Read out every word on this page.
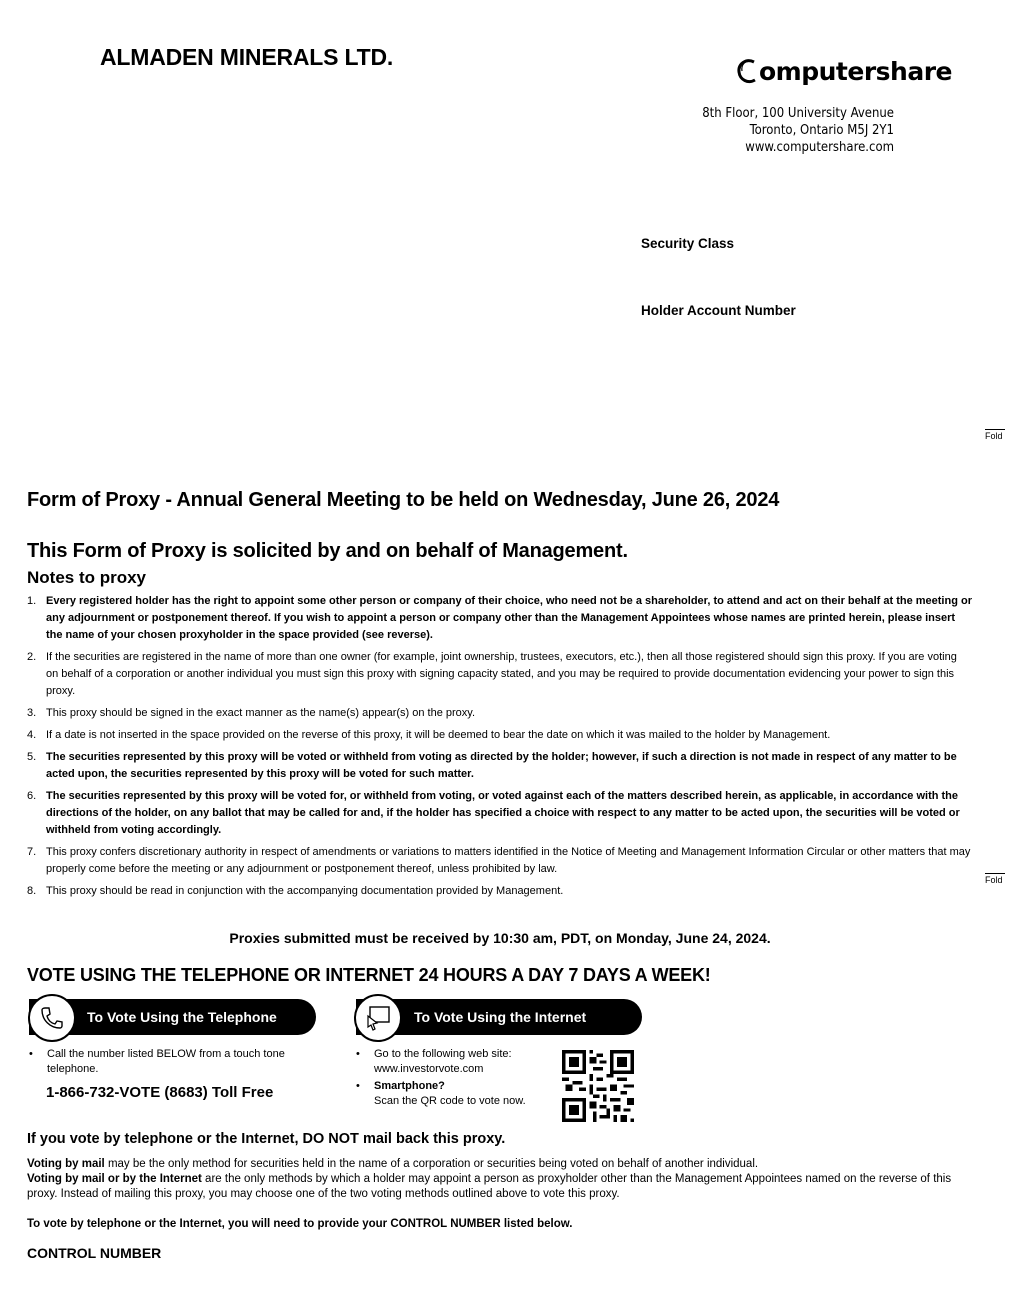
ALMADEN MINERALS LTD.	omputershare
8th Floor, 100 University Avenue
Toronto, Ontario M5J 2Y1
www.computershare.com
Security Class
Holder Account Number
Fold
Fold
Form of Proxy - Annual General Meeting to be held on Wednesday, June 26, 2024
This Form of Proxy is solicited by and on behalf of Management.
Notes to proxy
1. Every registered holder has the right to appoint some other person or company of their choice, who need not be a shareholder, to attend and act on their behalf at the meeting or any adjournment or postponement thereof. If you wish to appoint a person or company other than the Management Appointees whose names are printed herein, please insert the name of your chosen proxyholder in the space provided (see reverse).
2. If the securities are registered in the name of more than one owner (for example, joint ownership, trustees, executors, etc.), then all those registered should sign this proxy. If you are voting on behalf of a corporation or another individual you must sign this proxy with signing capacity stated, and you may be required to provide documentation evidencing your power to sign this proxy.
3. This proxy should be signed in the exact manner as the name(s) appear(s) on the proxy.
4. If a date is not inserted in the space provided on the reverse of this proxy, it will be deemed to bear the date on which it was mailed to the holder by Management.
5. The securities represented by this proxy will be voted or withheld from voting as directed by the holder; however, if such a direction is not made in respect of any matter to be acted upon, the securities represented by this proxy will be voted for such matter.
6. The securities represented by this proxy will be voted for, or withheld from voting, or voted against each of the matters described herein, as applicable, in accordance with the directions of the holder, on any ballot that may be called for and, if the holder has specified a choice with respect to any matter to be acted upon, the securities will be voted or withheld from voting accordingly.
7. This proxy confers discretionary authority in respect of amendments or variations to matters identified in the Notice of Meeting and Management Information Circular or other matters that may properly come before the meeting or any adjournment or postponement thereof, unless prohibited by law.
8. This proxy should be read in conjunction with the accompanying documentation provided by Management.
Proxies submitted must be received by 10:30 am, PDT, on Monday, June 24, 2024.
VOTE USING THE TELEPHONE OR INTERNET 24 HOURS A DAY 7 DAYS A WEEK!
To Vote Using the Telephone
•	Call the number listed BELOW from a touch tone telephone.
1-866-732-VOTE (8683) Toll Free
To Vote Using the Internet
•	Go to the following web site:
www.investorvote.com
•	Smartphone?
Scan the QR code to vote now.
If you vote by telephone or the Internet, DO NOT mail back this proxy.
Voting by mail may be the only method for securities held in the name of a corporation or securities being voted on behalf of another individual.
Voting by mail or by the Internet are the only methods by which a holder may appoint a person as proxyholder other than the Management Appointees named on the reverse of this proxy. Instead of mailing this proxy, you may choose one of the two voting methods outlined above to vote this proxy.
To vote by telephone or the Internet, you will need to provide your CONTROL NUMBER listed below.
CONTROL NUMBER
